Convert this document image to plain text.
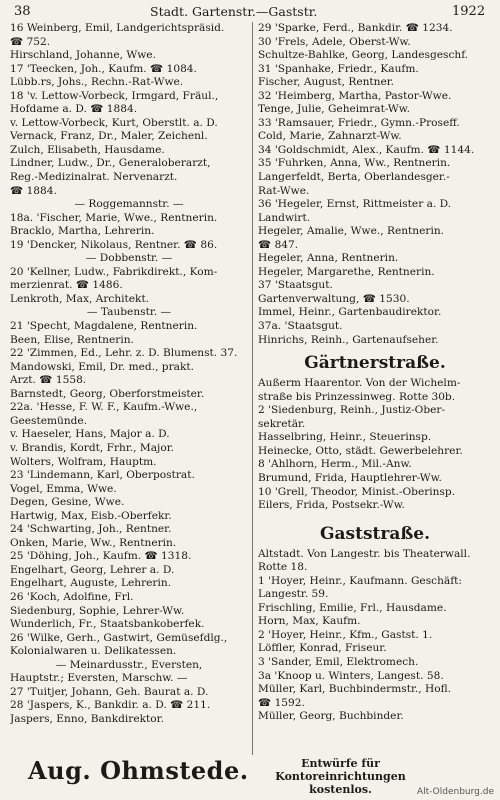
38	Stadt. Gartenstr.—Gaststr.	1922
16 Weinberg, Emil, Landgerichtspräsid.
☎ 752.
Hirschland, Johanne, Wwe.
17 'Teecken, Joh., Kaufm. ☎ 1084.
Lübb.rs, Johs., Rechn.-Rat-Wwe.
18 'v. Lettow-Vorbeck, Irmgard, Fräul.,
Hofdame a. D. ☎ 1884.
v. Lettow-Vorbeck, Kurt, Oberstlt. a. D.
Vernack, Franz, Dr., Maler, Zeichenl.
Zulch, Elisabeth, Hausdame.
Lindner, Ludw., Dr., Generaloberarzt,
Reg.-Medizinalrat. Nervenarzt.
☎ 1884.
— Roggemannstr. —
18a. 'Fischer, Marie, Wwe., Rentnerin.
Bracklo, Martha, Lehrerin.
19 'Dencker, Nikolaus, Rentner. ☎ 86.
— Dobbenstr. —
20 'Kellner, Ludw., Fabrikdirekt., Kom-
merzienrat. ☎ 1486.
Lenkroth, Max, Architekt.
— Taubenstr. —
21 'Specht, Magdalene, Rentnerin.
Been, Elise, Rentnerin.
22 'Zimmen, Ed., Lehr. z. D. Blumenst. 37.
Mandowski, Emil, Dr. med., prakt.
Arzt. ☎ 1558.
Barnstedt, Georg, Oberforstmeister.
22a. 'Hesse, F. W. F., Kaufm.-Wwe.,
Geestemünde.
v. Haeseler, Hans, Major a. D.
v. Brandis, Kordt, Frhr., Major.
Wolters, Wolfram, Hauptm.
23 'Lindemann, Karl, Oberpostrat.
Vogel, Emma, Wwe.
Degen, Gesine, Wwe.
Hartwig, Max, Eisb.-Oberfekr.
24 'Schwarting, Joh., Rentner.
Onken, Marie, Ww., Rentnerin.
25 'Döhing, Joh., Kaufm. ☎ 1318.
Engelhart, Georg, Lehrer a. D.
Engelhart, Auguste, Lehrerin.
26 'Koch, Adolfine, Frl.
Siedenburg, Sophie, Lehrer-Ww.
Wunderlich, Fr., Staatsbankoberfek.
26 'Wilke, Gerh., Gastwirt, Gemüsefdlg.,
Kolonialwaren u. Delikatessen.
— Meinardusstr., Eversten,
Hauptstr.; Eversten, Marschw. —
27 'Tuitjer, Johann, Geh. Baurat a. D.
28 'Jaspers, K., Bankdir. a. D. ☎ 211.
Jaspers, Enno, Bankdirektor.
29 'Sparke, Ferd., Bankdir. ☎ 1234.
30 'Frels, Adele, Oberst-Ww.
Schultze-Bahlke, Georg, Landesgeschf.
31 'Spanhake, Friedr., Kaufm.
Fischer, August, Rentner.
32 'Heimberg, Martha, Pastor-Wwe.
Tenge, Julie, Geheimrat-Ww.
33 'Ramsauer, Friedr., Gymn.-Proseff.
Cold, Marie, Zahnarzt-Ww.
34 'Goldschmidt, Alex., Kaufm. ☎ 1144.
35 'Fuhrken, Anna, Ww., Rentnerin.
Langerfeldt, Berta, Oberlandesger.-
Rat-Wwe.
36 'Hegeler, Ernst, Rittmeister a. D.
Landwirt.
Hegeler, Amalie, Wwe., Rentnerin.
☎ 847.
Hegeler, Anna, Rentnerin.
Hegeler, Margarethe, Rentnerin.
37 'Staatsgut.
Gartenverwaltung, ☎ 1530.
Immel, Heinr., Gartenbaudirektor.
37a. 'Staatsgut.
Hinrichs, Reinh., Gartenaufseher.
Gärtnerstraße.
Außerm Haarentor. Von der Wichelm-
straße bis Prinzessinweg. Rotte 30b.
2 'Siedenburg, Reinh., Justiz-Ober-
sekretär.
Hasselbring, Heinr., Steuerinsp.
Heinecke, Otto, städt. Gewerbelehrer.
8 'Ahlhorn, Herm., Mil.-Anw.
Brumund, Frida, Hauptlehrer-Ww.
10 'Grell, Theodor, Minist.-Oberinsp.
Eilers, Frida, Postsekr.-Ww.
Gaststraße.
Altstadt. Von Langestr. bis Theaterwall.
Rotte 18.
1 'Hoyer, Heinr., Kaufmann. Geschäft:
Langestr. 59.
Frischling, Emilie, Frl., Hausdame.
Horn, Max, Kaufm.
2 'Hoyer, Heinr., Kfm., Gastst. 1.
Löffler, Konrad, Friseur.
3 'Sander, Emil, Elektromech.
3a 'Knoop u. Winters, Langest. 58.
Müller, Karl, Buchbindermstr., Hofl.
☎ 1592.
Müller, Georg, Buchbinder.
Aug. Ohmstede.	Entwürfe für Kontoreinrichtungen
kostenlos.	Alt-Oldenburg.de
